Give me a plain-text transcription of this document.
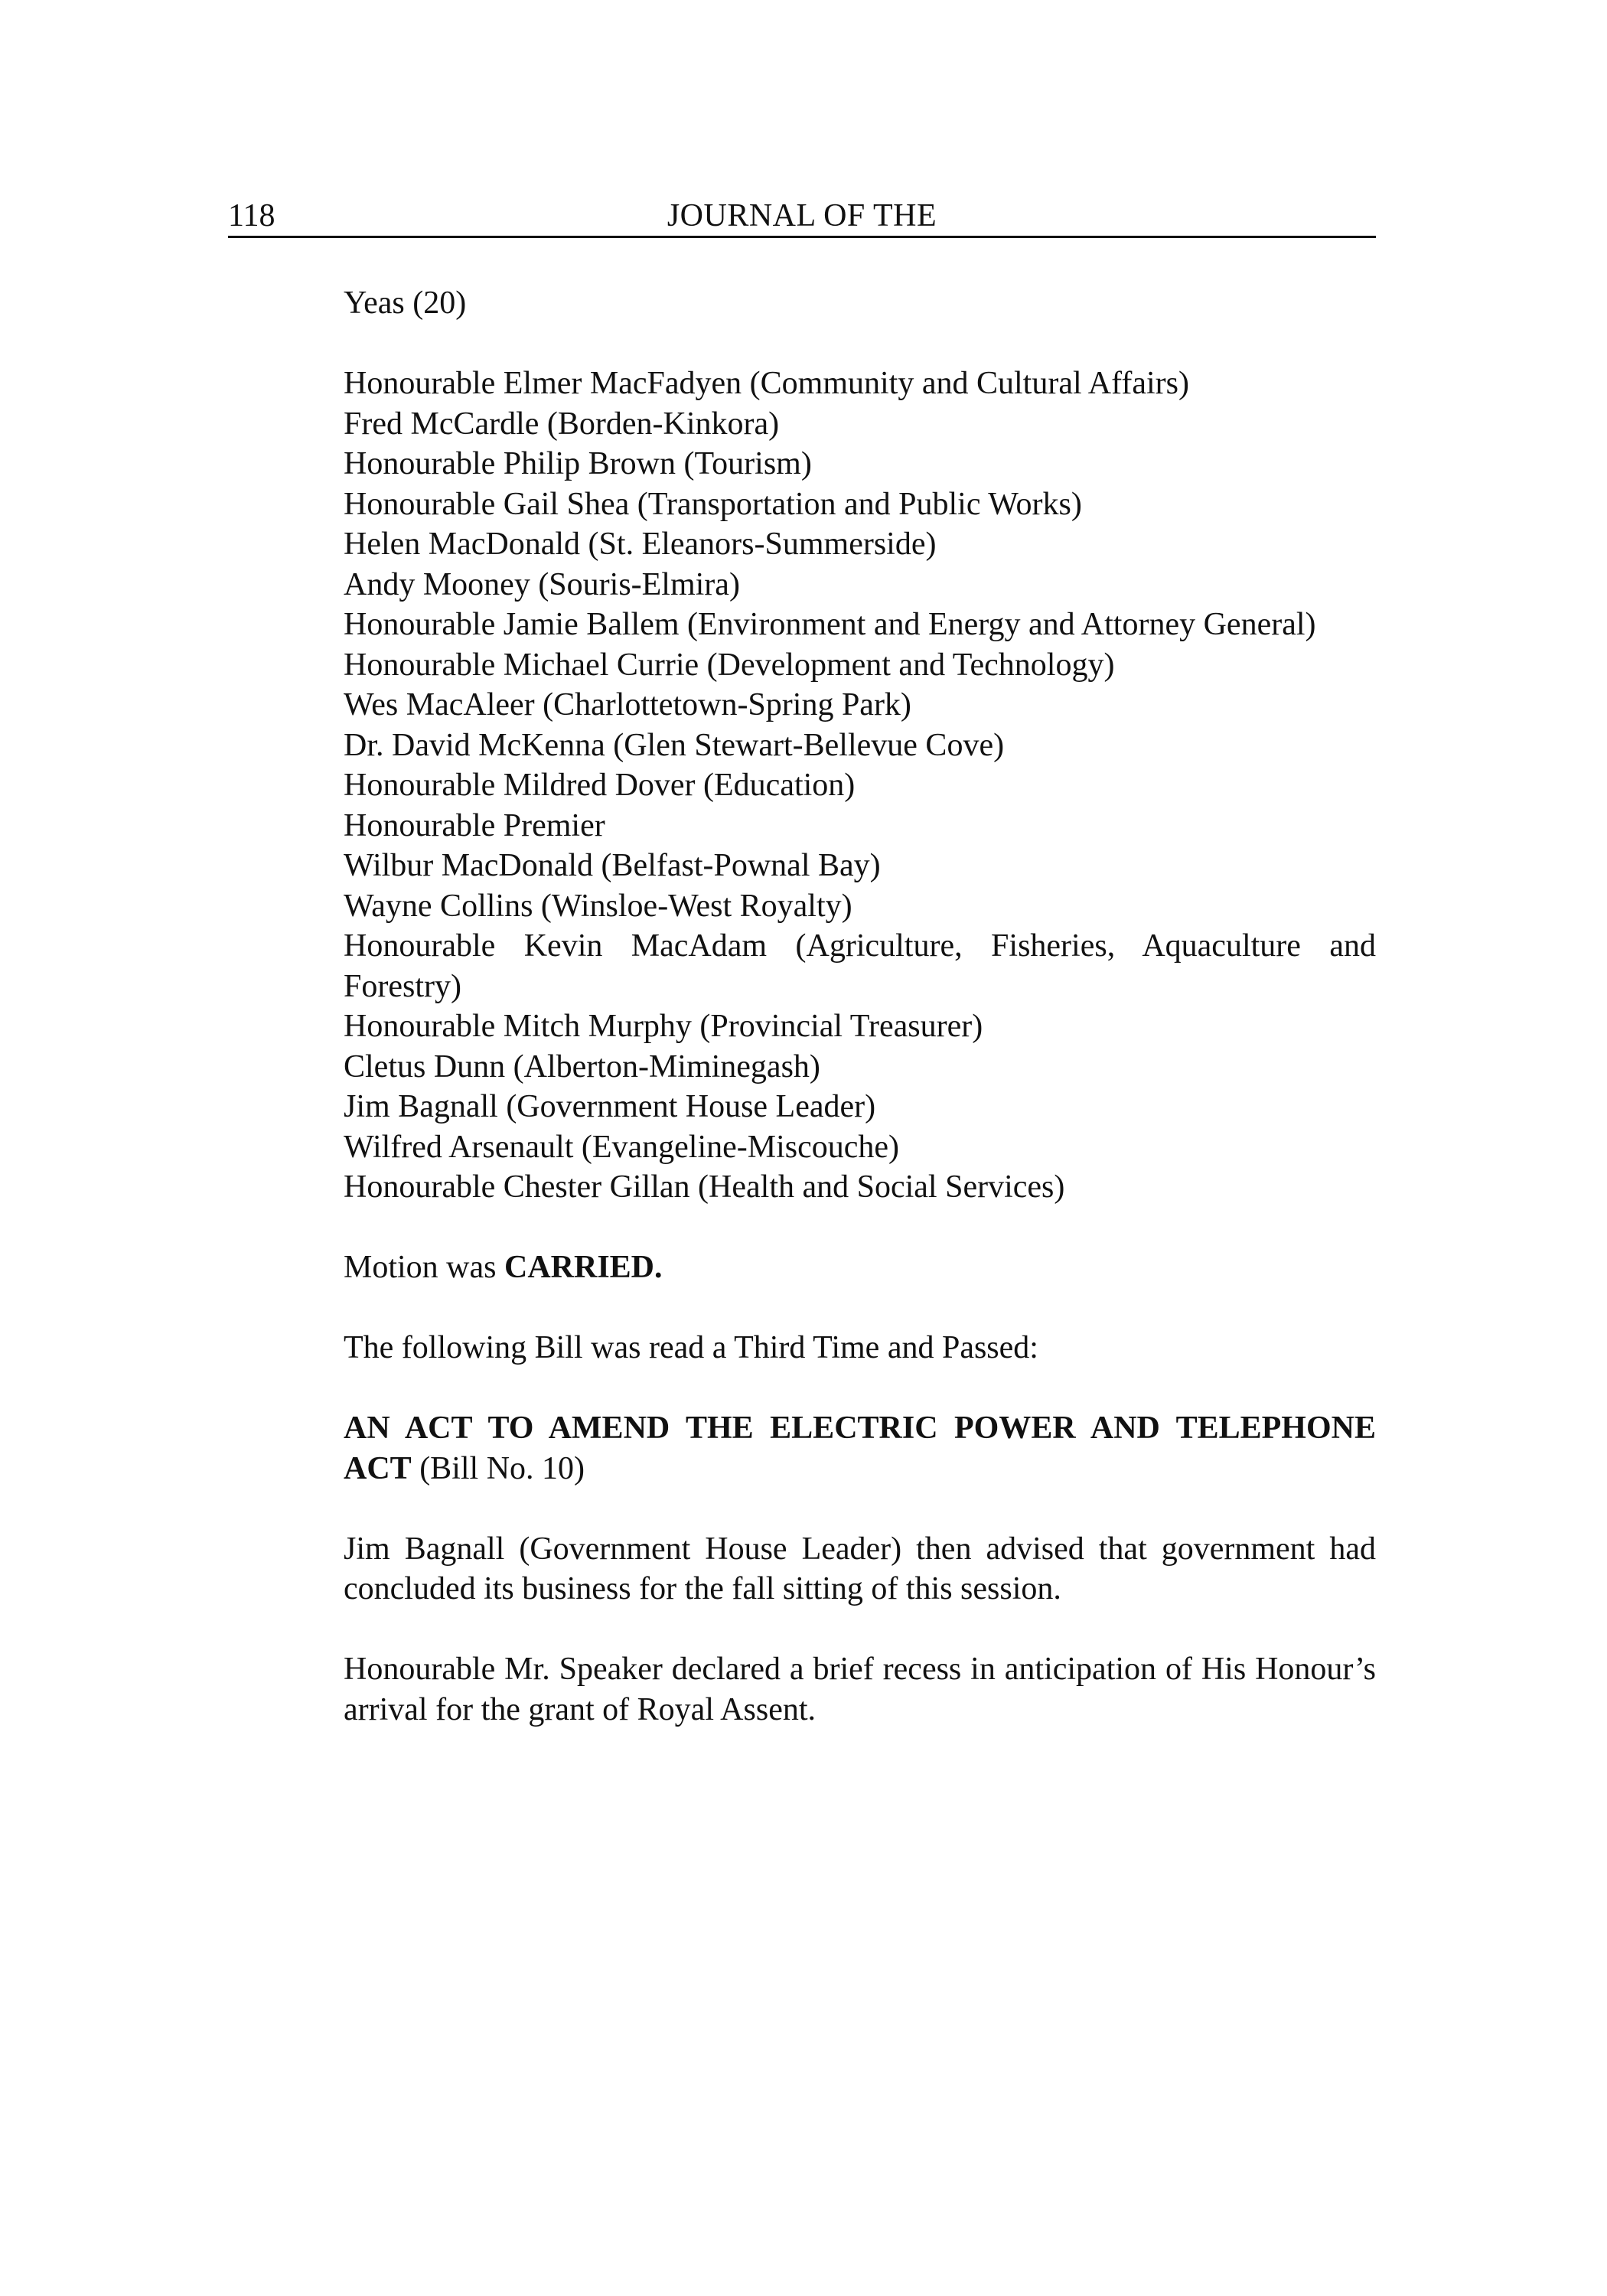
118	JOURNAL OF THE

Yeas (20)

Honourable Elmer MacFadyen (Community and Cultural Affairs)
Fred McCardle (Borden-Kinkora)
Honourable Philip Brown (Tourism)
Honourable Gail Shea (Transportation and Public Works)
Helen MacDonald (St. Eleanors-Summerside)
Andy Mooney (Souris-Elmira)
Honourable Jamie Ballem (Environment and Energy and Attorney General)
Honourable Michael Currie (Development and Technology)
Wes MacAleer (Charlottetown-Spring Park)
Dr. David McKenna (Glen Stewart-Bellevue Cove)
Honourable Mildred Dover (Education)
Honourable Premier
Wilbur MacDonald (Belfast-Pownal Bay)
Wayne Collins (Winsloe-West Royalty)
Honourable Kevin MacAdam (Agriculture, Fisheries, Aquaculture and Forestry)
Honourable Mitch Murphy (Provincial Treasurer)
Cletus Dunn (Alberton-Miminegash)
Jim Bagnall (Government House Leader)
Wilfred Arsenault (Evangeline-Miscouche)
Honourable Chester Gillan (Health and Social Services)

Motion was CARRIED.

The following Bill was read a Third Time and Passed:

AN ACT TO AMEND THE ELECTRIC POWER AND TELEPHONE ACT (Bill No. 10)

Jim Bagnall (Government House Leader) then advised that government had concluded its business for the fall sitting of this session.

Honourable Mr. Speaker declared a brief recess in anticipation of His Honour’s arrival for the grant of Royal Assent.
